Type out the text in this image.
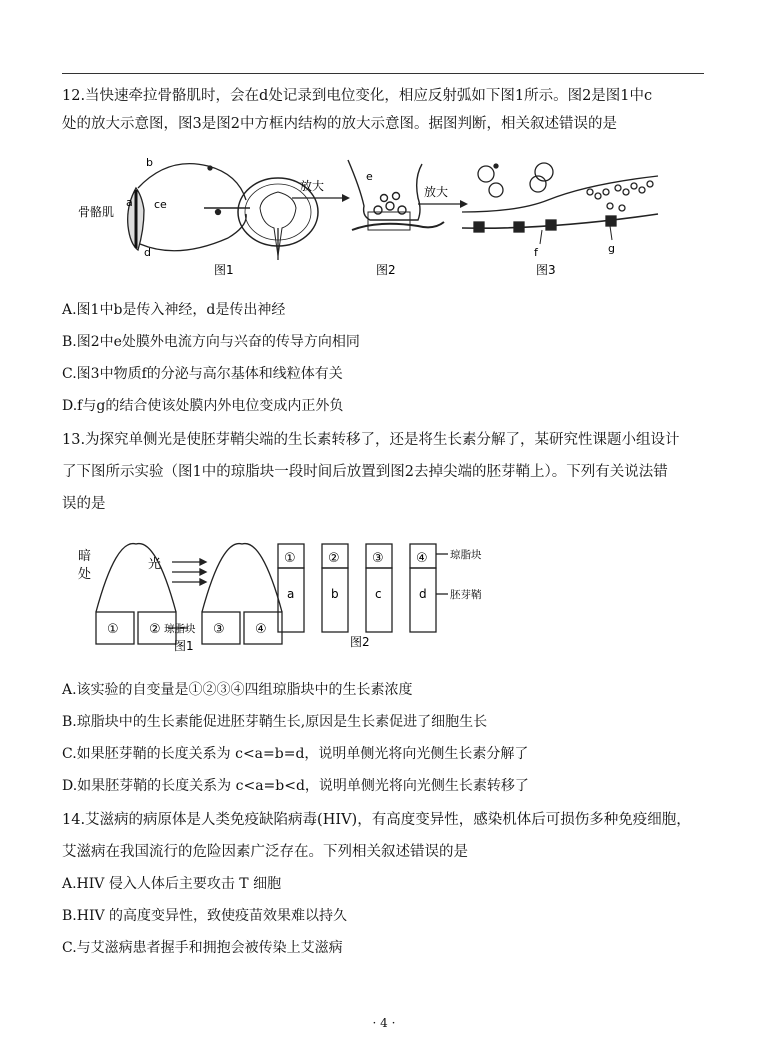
12.当快速牵拉骨骼肌时，会在d处记录到电位变化，相应反射弧如下图1所示。图2是图1中c
处的放大示意图，图3是图2中方框内结构的放大示意图。据图判断，相关叙述错误的是
b
a c
d
e
骨骼肌
图1
放大
e
图2
放大
f	g
图3
A.图1中b是传入神经，d是传出神经
B.图2中e处膜外电流方向与兴奋的传导方向相同
C.图3中物质f的分泌与高尔基体和线粒体有关
D.f与g的结合使该处膜内外电位变成内正外负
13.为探究单侧光是使胚芽鞘尖端的生长素转移了，还是将生长素分解了，某研究性课题小组设计
了下图所示实验（图1中的琼脂块一段时间后放置到图2去掉尖端的胚芽鞘上）。下列有关说法错
误的是
暗
处
光
① ②	③ ④
琼脂块
图1
① ② ③ ④
a	b	c	d
琼脂块
胚芽鞘
图2
A.该实验的自变量是①②③④四组琼脂块中的生长素浓度
B.琼脂块中的生长素能促进胚芽鞘生长,原因是生长素促进了细胞生长
C.如果胚芽鞘的长度关系为 c<a=b=d，说明单侧光将向光侧生长素分解了
D.如果胚芽鞘的长度关系为 c<a=b<d，说明单侧光将向光侧生长素转移了
14.艾滋病的病原体是人类免疫缺陷病毒(HIV)，有高度变异性，感染机体后可损伤多种免疫细胞，
艾滋病在我国流行的危险因素广泛存在。下列相关叙述错误的是
A.HIV 侵入人体后主要攻击 T 细胞
B.HIV 的高度变异性，致使疫苗效果难以持久
C.与艾滋病患者握手和拥抱会被传染上艾滋病
· 4 ·
